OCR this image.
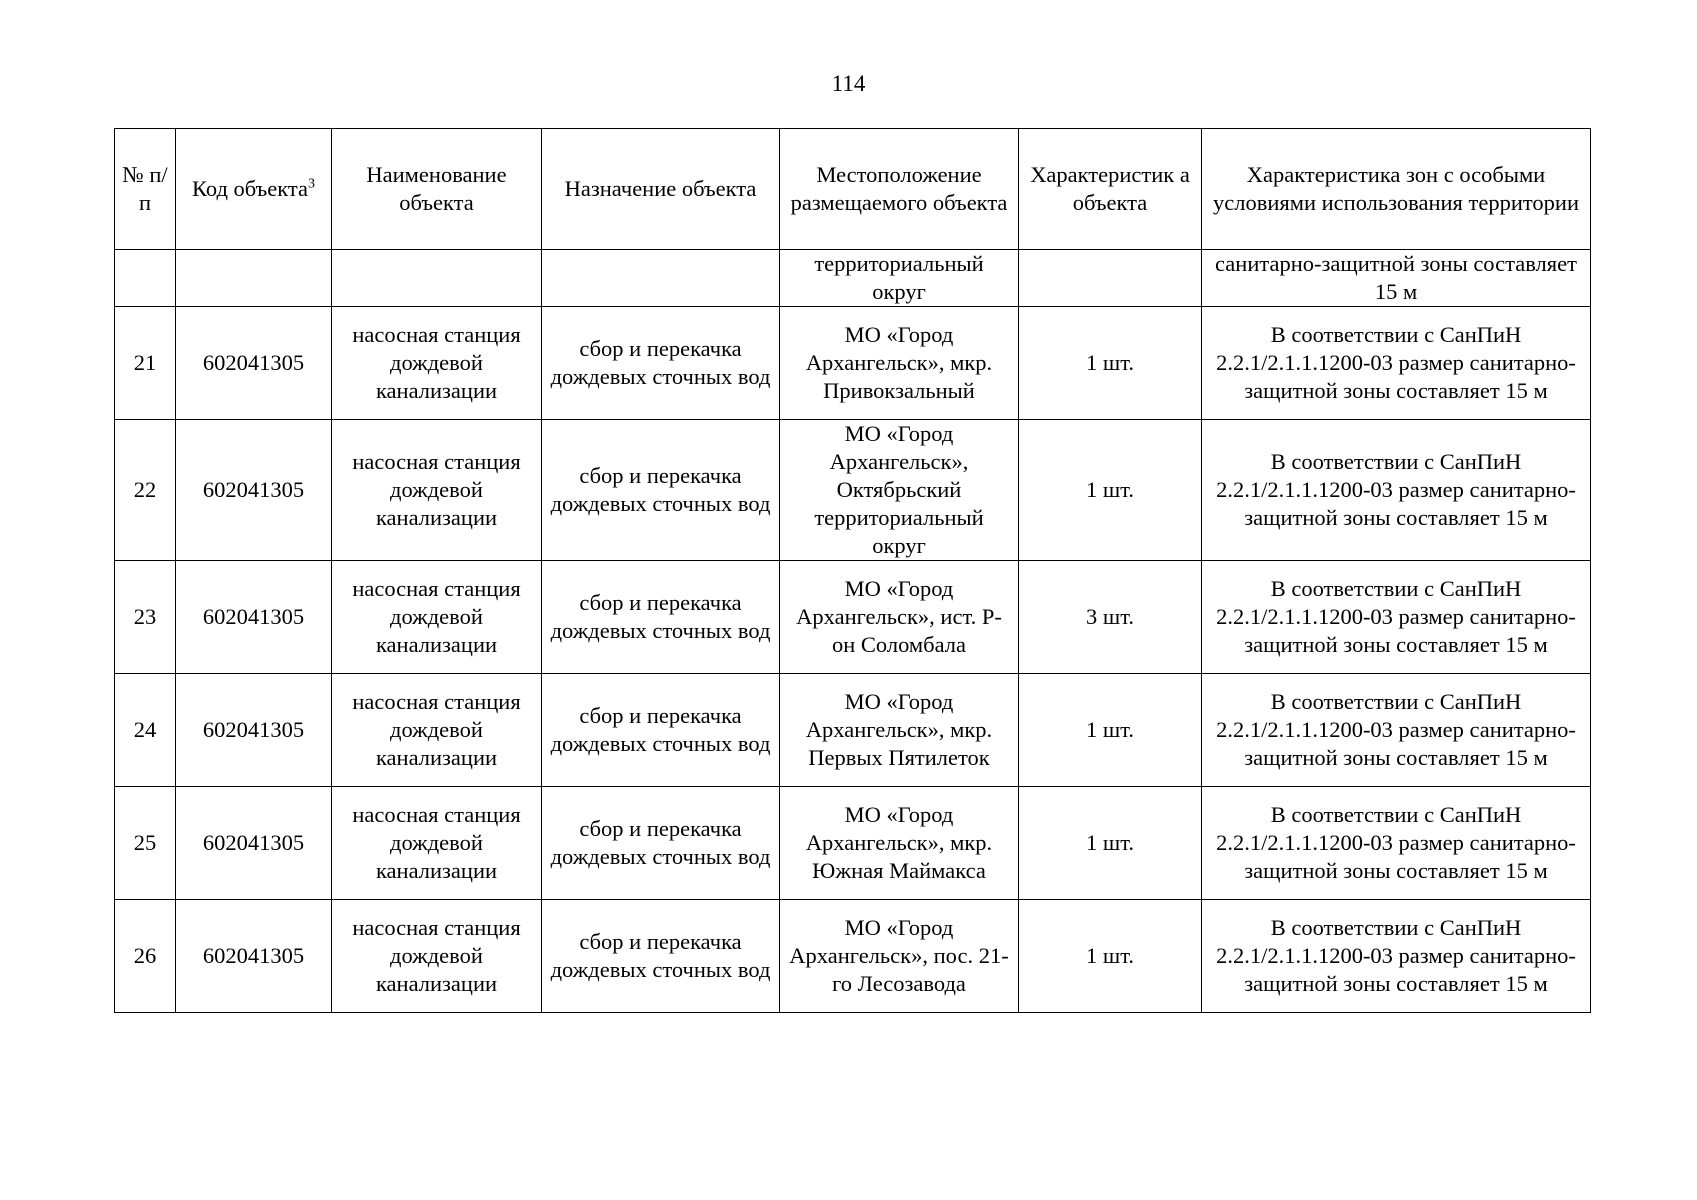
114
№ п/п	Код объекта$^3$	Наименование объекта	Назначение объекта	Местоположение размещаемого объекта	Характеристик а объекта	Характеристика зон с особыми условиями использования территории
				территориальный округ		санитарно-защитной зоны составляет 15 м
21	602041305	насосная станция дождевой канализации	сбор и перекачка дождевых сточных вод	МО «Город Архангельск», мкр. Привокзальный	1 шт.	В соответствии с СанПиН 2.2.1/2.1.1.1200-03 размер санитарно-защитной зоны составляет 15 м
22	602041305	насосная станция дождевой канализации	сбор и перекачка дождевых сточных вод	МО «Город Архангельск», Октябрьский территориальный округ	1 шт.	В соответствии с СанПиН 2.2.1/2.1.1.1200-03 размер санитарно-защитной зоны составляет 15 м
23	602041305	насосная станция дождевой канализации	сбор и перекачка дождевых сточных вод	МО «Город Архангельск», ист. Р-он Соломбала	3 шт.	В соответствии с СанПиН 2.2.1/2.1.1.1200-03 размер санитарно-защитной зоны составляет 15 м
24	602041305	насосная станция дождевой канализации	сбор и перекачка дождевых сточных вод	МО «Город Архангельск», мкр. Первых Пятилеток	1 шт.	В соответствии с СанПиН 2.2.1/2.1.1.1200-03 размер санитарно-защитной зоны составляет 15 м
25	602041305	насосная станция дождевой канализации	сбор и перекачка дождевых сточных вод	МО «Город Архангельск», мкр. Южная Маймакса	1 шт.	В соответствии с СанПиН 2.2.1/2.1.1.1200-03 размер санитарно-защитной зоны составляет 15 м
26	602041305	насосная станция дождевой канализации	сбор и перекачка дождевых сточных вод	МО «Город Архангельск», пос. 21-го Лесозавода	1 шт.	В соответствии с СанПиН 2.2.1/2.1.1.1200-03 размер санитарно-защитной зоны составляет 15 м
